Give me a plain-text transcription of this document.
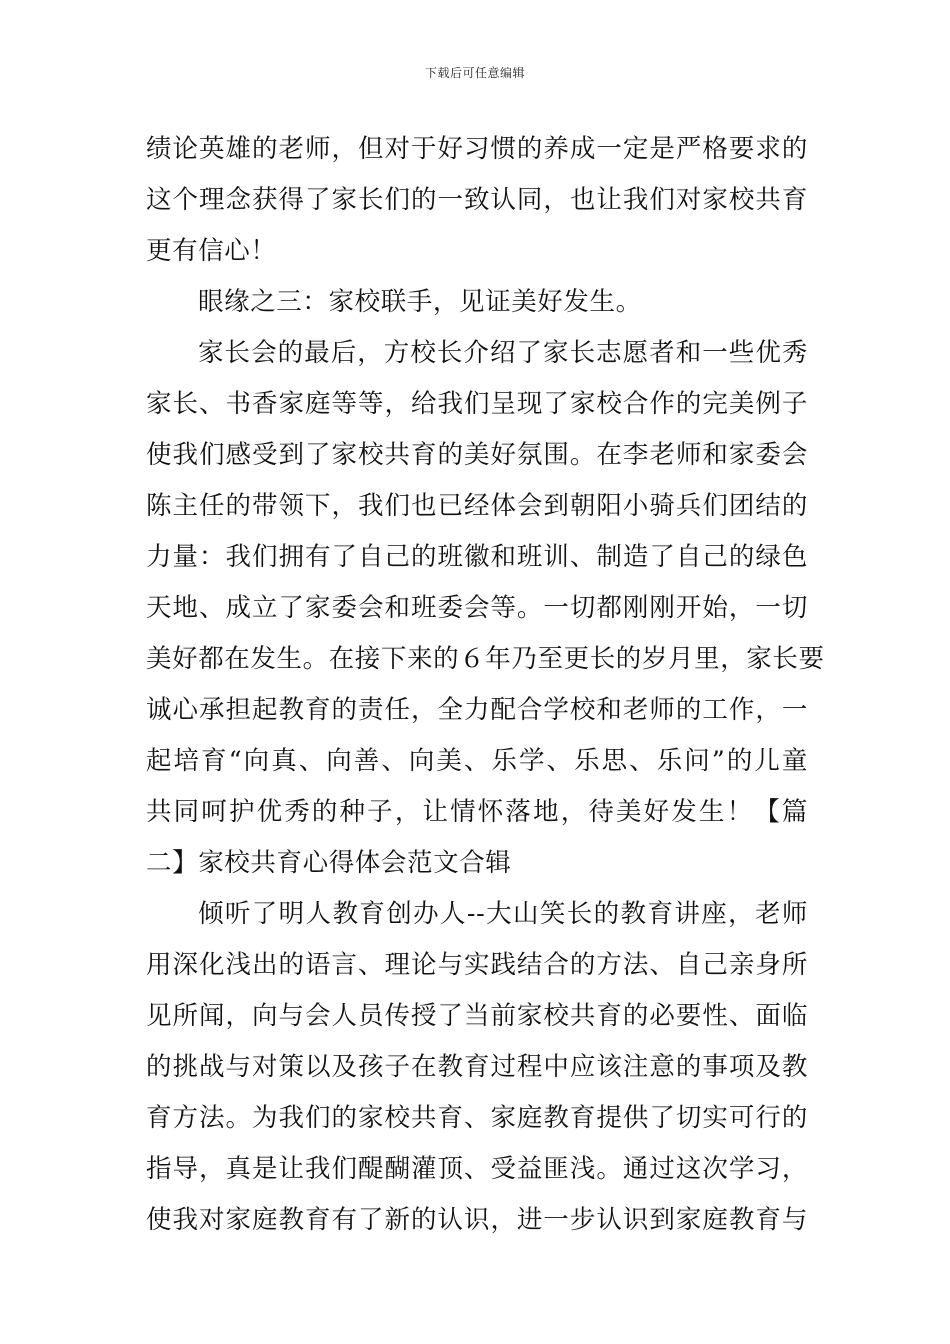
下载后可任意编辑
绩论英雄的老师，但对于好习惯的养成一定是严格要求的
这个理念获得了家长们的一致认同，也让我们对家校共育
更有信心！
眼缘之三：家校联手，见证美好发生。
家长会的最后，方校长介绍了家长志愿者和一些优秀
家长、书香家庭等等，给我们呈现了家校合作的完美例子
使我们感受到了家校共育的美好氛围。在李老师和家委会
陈主任的带领下，我们也已经体会到朝阳小骑兵们团结的
力量：我们拥有了自己的班徽和班训、制造了自己的绿色
天地、成立了家委会和班委会等。一切都刚刚开始，一切
美好都在发生。在接下来的６年乃至更长的岁月里，家长要
诚心承担起教育的责任，全力配合学校和老师的工作，一
起培育“向真、向善、向美、乐学、乐思、乐问”的儿童
共同呵护优秀的种子，让情怀落地，待美好发生！【篇
二】家校共育心得体会范文合辑
倾听了明人教育创办人--大山笑长的教育讲座，老师
用深化浅出的语言、理论与实践结合的方法、自己亲身所
见所闻，向与会人员传授了当前家校共育的必要性、面临
的挑战与对策以及孩子在教育过程中应该注意的事项及教
育方法。为我们的家校共育、家庭教育提供了切实可行的
指导，真是让我们醍醐灌顶、受益匪浅。通过这次学习，
使我对家庭教育有了新的认识，进一步认识到家庭教育与
